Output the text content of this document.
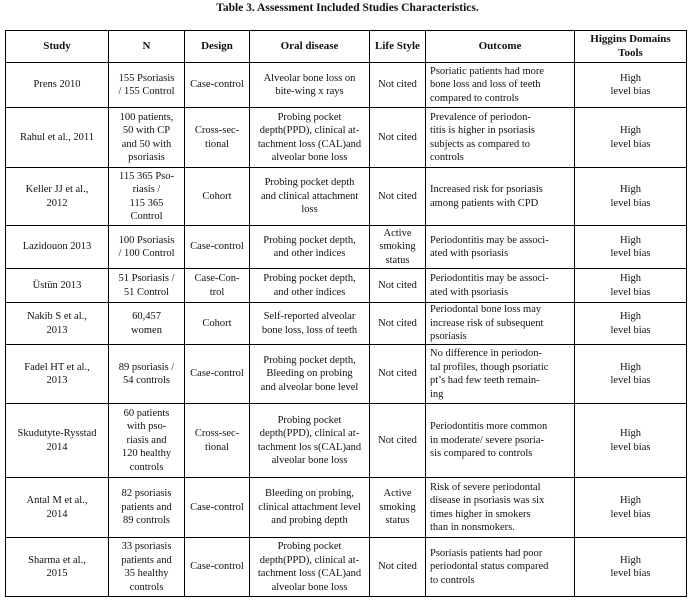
Table 3. Assessment Included Studies Characteristics.
Study	N	Design	Oral disease	Life Style	Outcome	Higgins Domains
Tools
Prens 2010	155 Psoriasis
/ 155 Control	Case-control	Alveolar bone loss on
bite-wing x rays	Not cited	Psoriatic patients had more
bone loss and loss of teeth
compared to controls	High
level bias
Rahul et al., 2011	100 patients,
50 with CP
and 50 with
psoriasis	Cross-sec-
tional	Probing pocket
depth(PPD), clinical at-
tachment loss (CAL)and
alveolar bone loss	Not cited	Prevalence of periodon-
titis is higher in psoriasis
subjects as compared to
controls	High
level bias
Keller JJ et al.,
2012	115 365 Pso-
riasis /
115 365
Control	Cohort	Probing pocket depth
and clinical attachment
loss	Not cited	Increased risk for psoriasis
among patients with CPD	High
level bias
Lazidouon 2013	100 Psoriasis
/ 100 Control	Case-control	Probing pocket depth,
and other indices	Active
smoking
status	Periodontitis may be associ-
ated with psoriasis	High
level bias
Üstün 2013	51 Psoriasis /
51 Control	Case-Con-
trol	Probing pocket depth,
and other indices	Not cited	Periodontitis may be associ-
ated with psoriasis	High
level bias
Nakib S et al.,
2013	60,457
women	Cohort	Self-reported alveolar
bone loss, loss of teeth	Not cited	Periodontal bone loss may
increase risk of subsequent
psoriasis	High
level bias
Fadel HT et al.,
2013	89 psoriasis /
54 controls	Case-control	Probing pocket depth,
Bleeding on probing
and alveolar bone level	Not cited	No difference in periodon-
tal profiles, though psoriatic
pt’s had few teeth remain-
ing	High
level bias
Skudutyte-Rysstad
2014	60 patients
with pso-
riasis and
120 healthy
controls	Cross-sec-
tional	Probing pocket
depth(PPD), clinical at-
tachment los s(CAL)and
alveolar bone loss	Not cited	Periodontitis more common
in moderate/ severe psoria-
sis compared to controls	High
level bias
Antal M et al.,
2014	82 psoriasis
patients and
89 controls	Case-control	Bleeding on probing,
clinical attachment level
and probing depth	Active
smoking
status	Risk of severe periodontal
disease in psoriasis was six
times higher in smokers
than in nonsmokers.	High
level bias
Sharma et al.,
2015	33 psoriasis
patients and
35 healthy
controls	Case-control	Probing pocket
depth(PPD), clinical at-
tachment loss (CAL)and
alveolar bone loss	Not cited	Psoriasis patients had poor
periodontal status compared
to controls	High
level bias
